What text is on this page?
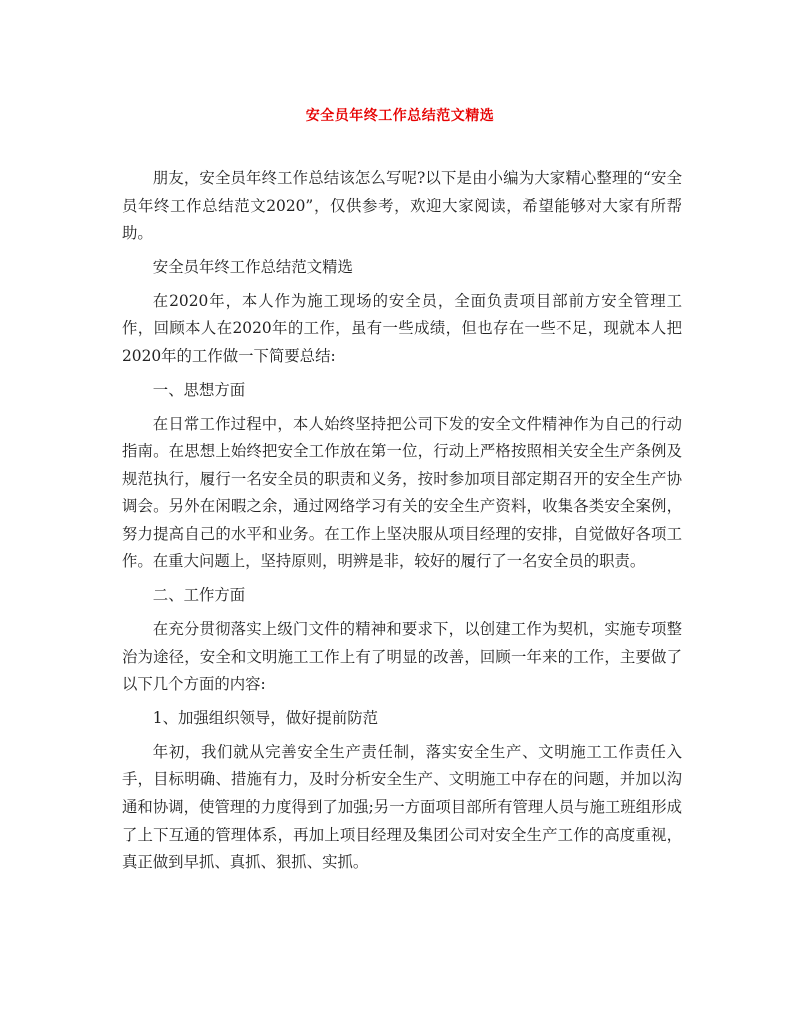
安全员年终工作总结范文精选

朋友，安全员年终工作总结该怎么写呢?以下是由小编为大家精心整理的“安全员年终工作总结范文2020”，仅供参考，欢迎大家阅读，希望能够对大家有所帮助。

安全员年终工作总结范文精选

在2020年，本人作为施工现场的安全员，全面负责项目部前方安全管理工作，回顾本人在2020年的工作，虽有一些成绩，但也存在一些不足，现就本人把2020年的工作做一下简要总结:

一、思想方面

在日常工作过程中，本人始终坚持把公司下发的安全文件精神作为自己的行动指南。在思想上始终把安全工作放在第一位，行动上严格按照相关安全生产条例及规范执行，履行一名安全员的职责和义务，按时参加项目部定期召开的安全生产协调会。另外在闲暇之余，通过网络学习有关的安全生产资料，收集各类安全案例，努力提高自己的水平和业务。在工作上坚决服从项目经理的安排，自觉做好各项工作。在重大问题上，坚持原则，明辨是非，较好的履行了一名安全员的职责。

二、工作方面

在充分贯彻落实上级门文件的精神和要求下，以创建工作为契机，实施专项整治为途径，安全和文明施工工作上有了明显的改善，回顾一年来的工作，主要做了以下几个方面的内容:

1、加强组织领导，做好提前防范

年初，我们就从完善安全生产责任制，落实安全生产、文明施工工作责任入手，目标明确、措施有力，及时分析安全生产、文明施工中存在的问题，并加以沟通和协调，使管理的力度得到了加强;另一方面项目部所有管理人员与施工班组形成了上下互通的管理体系，再加上项目经理及集团公司对安全生产工作的高度重视，真正做到早抓、真抓、狠抓、实抓。
